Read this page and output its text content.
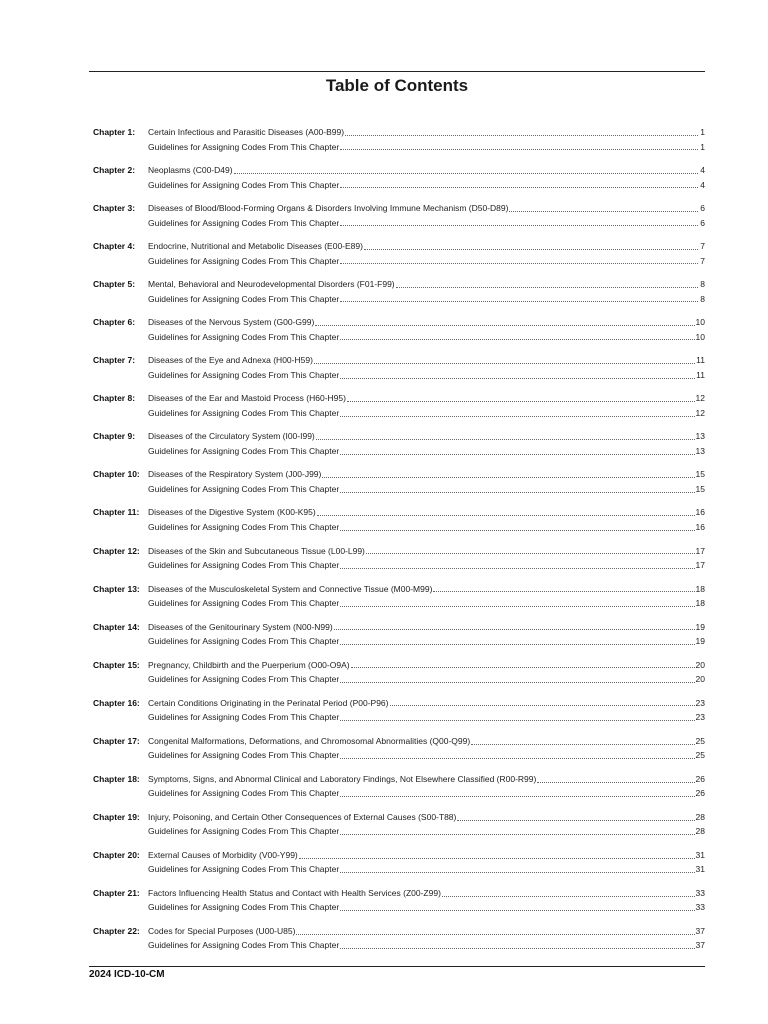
Table of Contents
Chapter 1:	Certain Infectious and Parasitic Diseases (A00-B99)	1
Guidelines for Assigning Codes From This Chapter	1
Chapter 2:	Neoplasms (C00-D49)	4
Guidelines for Assigning Codes From This Chapter	4
Chapter 3:	Diseases of Blood/Blood-Forming Organs & Disorders Involving Immune Mechanism (D50-D89)	6
Guidelines for Assigning Codes From This Chapter	6
Chapter 4:	Endocrine, Nutritional and Metabolic Diseases (E00-E89)	7
Guidelines for Assigning Codes From This Chapter	7
Chapter 5:	Mental, Behavioral and Neurodevelopmental Disorders (F01-F99)	8
Guidelines for Assigning Codes From This Chapter	8
Chapter 6:	Diseases of the Nervous System (G00-G99)	10
Guidelines for Assigning Codes From This Chapter	10
Chapter 7:	Diseases of the Eye and Adnexa (H00-H59)	11
Guidelines for Assigning Codes From This Chapter	11
Chapter 8:	Diseases of the Ear and Mastoid Process (H60-H95)	12
Guidelines for Assigning Codes From This Chapter	12
Chapter 9:	Diseases of the Circulatory System (I00-I99)	13
Guidelines for Assigning Codes From This Chapter	13
Chapter 10: Diseases of the Respiratory System (J00-J99)	15
Guidelines for Assigning Codes From This Chapter	15
Chapter 11:	Diseases of the Digestive System (K00-K95)	16
Guidelines for Assigning Codes From This Chapter	16
Chapter 12: Diseases of the Skin and Subcutaneous Tissue (L00-L99)	17
Guidelines for Assigning Codes From This Chapter	17
Chapter 13: Diseases of the Musculoskeletal System and Connective Tissue (M00-M99)	18
Guidelines for Assigning Codes From This Chapter	18
Chapter 14: Diseases of the Genitourinary System (N00-N99)	19
Guidelines for Assigning Codes From This Chapter	19
Chapter 15: Pregnancy, Childbirth and the Puerperium (O00-O9A)	20
Guidelines for Assigning Codes From This Chapter	20
Chapter 16: Certain Conditions Originating in the Perinatal Period (P00-P96)	23
Guidelines for Assigning Codes From This Chapter	23
Chapter 17: Congenital Malformations, Deformations, and Chromosomal Abnormalities (Q00-Q99)	25
Guidelines for Assigning Codes From This Chapter	25
Chapter 18: Symptoms, Signs, and Abnormal Clinical and Laboratory Findings, Not Elsewhere Classified (R00-R99)	26
Guidelines for Assigning Codes From This Chapter	26
Chapter 19: Injury, Poisoning, and Certain Other Consequences of External Causes (S00-T88)	28
Guidelines for Assigning Codes From This Chapter	28
Chapter 20: External Causes of Morbidity (V00-Y99)	31
Guidelines for Assigning Codes From This Chapter	31
Chapter 21: Factors Influencing Health Status and Contact with Health Services (Z00-Z99)	33
Guidelines for Assigning Codes From This Chapter	33
Chapter 22: Codes for Special Purposes (U00-U85)	37
Guidelines for Assigning Codes From This Chapter	37
2024 ICD-10-CM
